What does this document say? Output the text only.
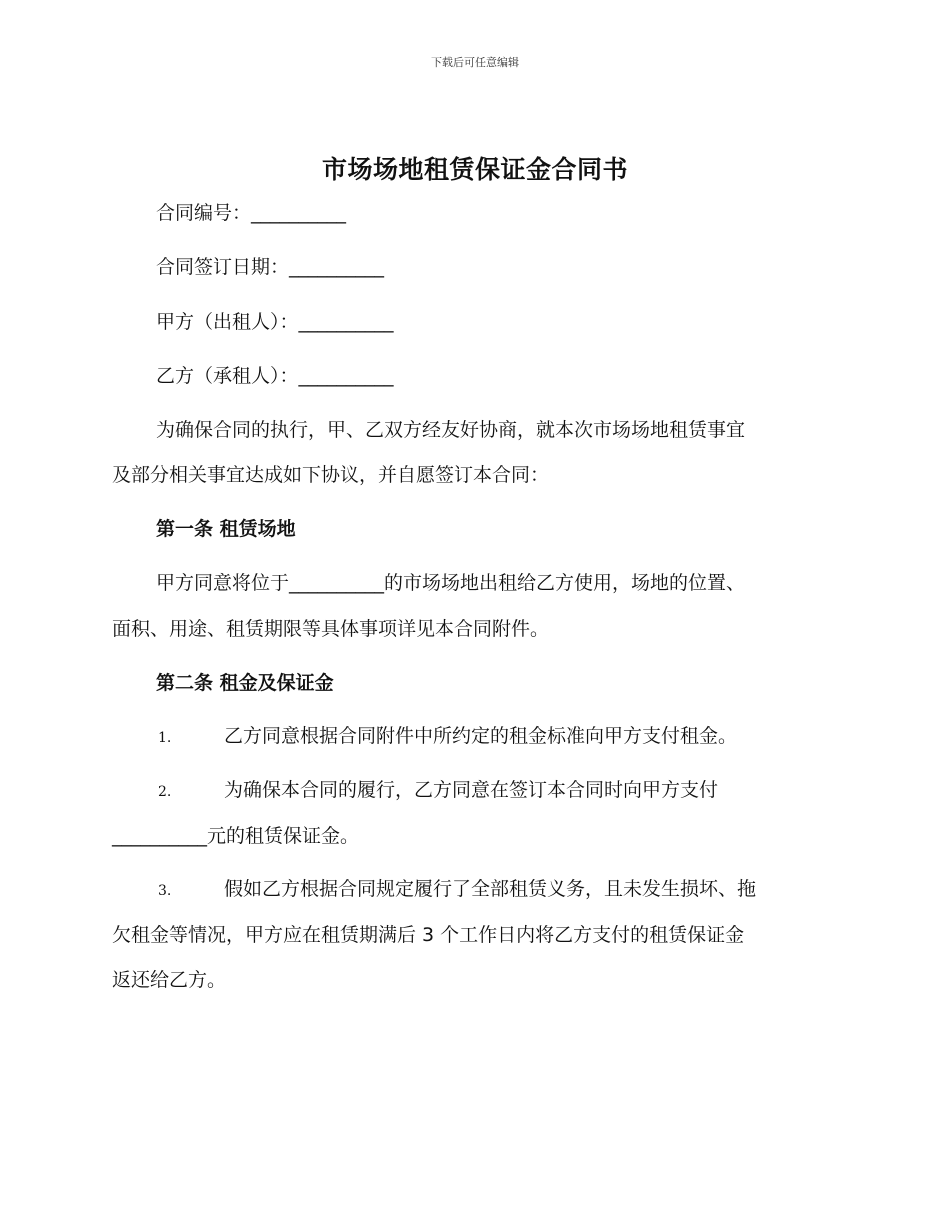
下载后可任意编辑
市场场地租赁保证金合同书
合同编号：__________
合同签订日期：__________
甲方（出租人）：__________
乙方（承租人）：__________
为确保合同的执行，甲、乙双方经友好协商，就本次市场场地租赁事宜
及部分相关事宜达成如下协议，并自愿签订本合同：
第一条 租赁场地
甲方同意将位于__________的市场场地出租给乙方使用，场地的位置、
面积、用途、租赁期限等具体事项详见本合同附件。
第二条 租金及保证金
1.	乙方同意根据合同附件中所约定的租金标准向甲方支付租金。
2.	为确保本合同的履行，乙方同意在签订本合同时向甲方支付
__________元的租赁保证金。
3.	假如乙方根据合同规定履行了全部租赁义务，且未发生损坏、拖
欠租金等情况，甲方应在租赁期满后 3 个工作日内将乙方支付的租赁保证金
返还给乙方。
